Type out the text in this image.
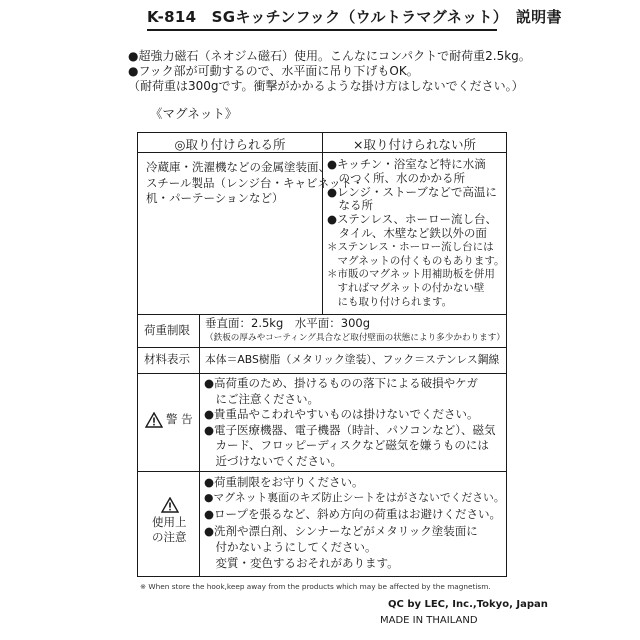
K-814　SGキッチンフック（ウルトラマグネット）　説明書
●超強力磁石（ネオジム磁石）使用。こんなにコンパクトで耐荷重2.5kg。
●フック部が可動するので、水平面に吊り下げもOK。
（耐荷重は300gです。衝撃がかかるような掛け方はしないでください。）
《マグネット》
◎取り付けられる所	×取り付けられない所
冷蔵庫・洗濯機などの金属塗装面、
スチール製品（レンジ台・キャビネット・
机・パーテーションなど）
●キッチン・浴室など特に水滴
　のつく所、水のかかる所
●レンジ・ストーブなどで高温に
　なる所
●ステンレス、ホーロー流し台、
　タイル、木壁など鉄以外の面
＊ステンレス・ホーロー流し台には
　マグネットの付くものもあります。
＊市販のマグネット用補助板を併用
　すればマグネットの付かない壁
　にも取り付けられます。
荷重制限 垂直面：2.5kg　水平面：300g
（鉄板の厚みやコーティング具合など取付壁面の状態により多少かわります）
材料表示 本体＝ABS樹脂（メタリック塗装）、フック＝ステンレス鋼線
警 告
●高荷重のため、掛けるものの落下による破損やケガ
　にご注意ください。
●貴重品やこわれやすいものは掛けないでください。
●電子医療機器、電子機器（時計、パソコンなど）、磁気
　カード、フロッピーディスクなど磁気を嫌うものには
　近づけないでください。
使用上
の注意
●荷重制限をお守りください。
●マグネット裏面のキズ防止シートをはがさないでください。
●ロープを張るなど、斜め方向の荷重はお避けください。
●洗剤や漂白剤、シンナーなどがメタリック塗装面に
　付かないようにしてください。
　変質・変色するおそれがあります。
※ When store the hook,keep away from the products which may be affected by the magnetism.
QC by LEC, Inc.,Tokyo, Japan
MADE IN THAILAND
